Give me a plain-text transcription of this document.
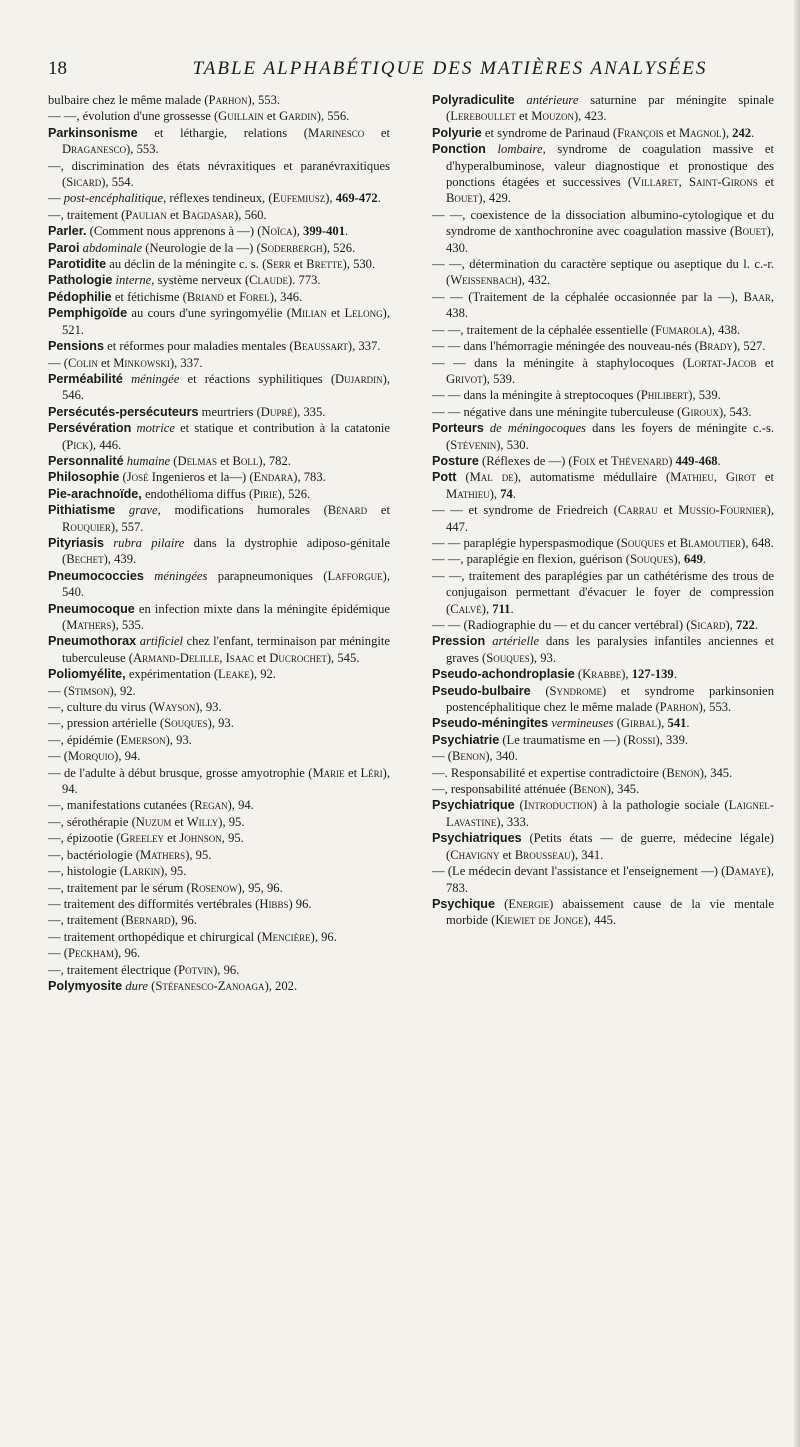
18	TABLE ALPHABÉTIQUE DES MATIÈRES ANALYSÉES

bulbaire chez le même malade (Parhon), 553.

— —, évolution d'une grossesse (Guillain et Gardin), 556.

Parkinsonisme et léthargie, relations (Marinesco et Draganesco), 553.

—, discrimination des états névraxitiques et paranévraxitiques (Sicard), 554.

— post-encéphalitique, réflexes tendineux, (Eufemiusz), 469-472.

—, traitement (Paulian et Bagdasar), 560.

Parler. (Comment nous apprenons à —) (Noïca), 399-401.

Paroi abdominale (Neurologie de la —) (Soderbergh), 526.

Parotidite au déclin de la méningite c. s. (Serr et Brette), 530.

Pathologie interne, système nerveux (Claude). 773.

Pédophilie et fétichisme (Briand et Forel), 346.

Pemphigoïde au cours d'une syringomyélie (Milian et Lelong), 521.

Pensions et réformes pour maladies mentales (Beaussart), 337.

— (Colin et Minkowski), 337.

Perméabilité méningée et réactions syphilitiques (Dujardin), 546.

Persécutés-persécuteurs meurtriers (Dupré), 335.

Persévération motrice et statique et contribution à la catatonie (Pick), 446.

Personnalité humaine (Delmas et Boll), 782.

Philosophie (José Ingenieros et la—) (Endara), 783.

Pie-arachnoïde, endothélioma diffus (Pirie), 526.

Pithiatisme grave, modifications humorales (Bénard et Rouquier), 557.

Pityriasis rubra pilaire dans la dystrophie adiposo-génitale (Bechet), 439.

Pneumococcies méningées parapneumoniques (Lafforgue), 540.

Pneumocoque en infection mixte dans la méningite épidémique (Mathers), 535.

Pneumothorax artificiel chez l'enfant, terminaison par méningite tuberculeuse (Armand-Delille, Isaac et Ducrochet), 545.

Poliomyélite, expérimentation (Leake), 92.

— (Stimson), 92.

—, culture du virus (Wayson), 93.

—, pression artérielle (Souques), 93.

—, épidémie (Emerson), 93.

— (Morquio), 94.

— de l'adulte à début brusque, grosse amyotrophie (Marie et Léri), 94.

—, manifestations cutanées (Regan), 94.

—, sérothérapie (Nuzum et Willy), 95.

—, épizootie (Greeley et Johnson, 95.

—, bactériologie (Mathers), 95.

—, histologie (Larkin), 95.

—, traitement par le sérum (Rosenow), 95, 96.

— traitement des difformités vertébrales (Hibbs) 96.

—, traitement (Bernard), 96.

— traitement orthopédique et chirurgical (Mencière), 96.

— (Peckham), 96.

—, traitement électrique (Potvin), 96.

Polymyosite dure (Stéfanesco-Zanoaga), 202.

Polyradiculite antérieure saturnine par méningite spinale (Lereboullet et Mouzon), 423.

Polyurie et syndrome de Parinaud (François et Magnol), 242.

Ponction lombaire, syndrome de coagulation massive et d'hyperalbuminose, valeur diagnostique et pronostique des ponctions étagées et successives (Villaret, Saint-Girons et Bouet), 429.

— —, coexistence de la dissociation albumino-cytologique et du syndrome de xanthochronine avec coagulation massive (Bouet), 430.

— —, détermination du caractère septique ou aseptique du l. c.-r. (Weissenbach), 432.

— — (Traitement de la céphalée occasionnée par la —), Baar, 438.

— —, traitement de la céphalée essentielle (Fumarola), 438.

— — dans l'hémorragie méningée des nouveau-nés (Brady), 527.

— — dans la méningite à staphylocoques (Lortat-Jacob et Grivot), 539.

— — dans la méningite à streptocoques (Philibert), 539.

— — négative dans une méningite tuberculeuse (Giroux), 543.

Porteurs de méningocoques dans les foyers de méningite c.-s. (Stévenin), 530.

Posture (Réflexes de —) (Foix et Thévenard) 449-468.

Pott (Mal de), automatisme médullaire (Mathieu, Girot et Mathieu), 74.

— — et syndrome de Friedreich (Carrau et Mussio-Fournier), 447.

— — paraplégie hyperspasmodique (Souques et Blamoutier), 648.

— —, paraplégie en flexion, guérison (Souques), 649.

— —, traitement des paraplégies par un cathétérisme des trous de conjugaison permettant d'évacuer le foyer de compression (Calvé), 711.

— — (Radiographie du — et du cancer vertébral) (Sicard), 722.

Pression artérielle dans les paralysies infantiles anciennes et graves (Souques), 93.

Pseudo-achondroplasie (Krabbe), 127-139.

Pseudo-bulbaire (Syndrome) et syndrome parkinsonien postencéphalitique chez le même malade (Parhon), 553.

Pseudo-méningites vermineuses (Girbal), 541.

Psychiatrie (Le traumatisme en —) (Rossi), 339.

— (Benon), 340.

—. Responsabilité et expertise contradictoire (Benon), 345.

—, responsabilité atténuée (Benon), 345.

Psychiatrique (Introduction) à la pathologie sociale (Laignel-Lavastine), 333.

Psychiatriques (Petits états — de guerre, médecine légale) (Chavigny et Brousseau), 341.

— (Le médecin devant l'assistance et l'enseignement —) (Damaye), 783.

Psychique (Energie) abaissement cause de la vie mentale morbide (Kiewiet de Jonge), 445.
